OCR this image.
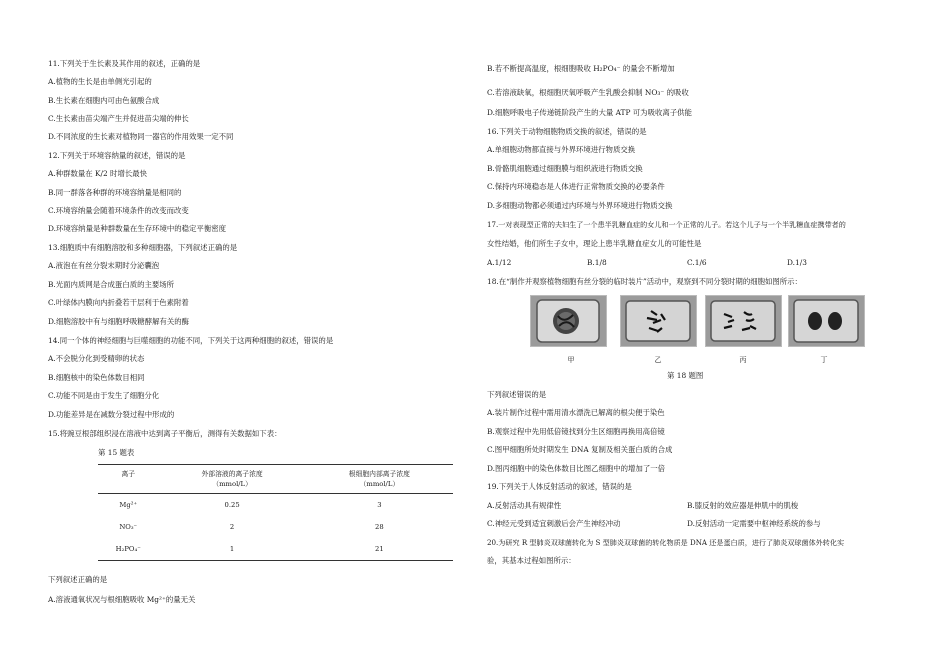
11.下列关于生长素及其作用的叙述，正确的是
A.植物的生长是由单侧光引起的
B.生长素在细胞内可由色氨酸合成
C.生长素由苗尖端产生并促进苗尖端的伸长
D.不同浓度的生长素对植物同一器官的作用效果一定不同
12.下列关于环境容纳量的叙述，错误的是
A.种群数量在 K/2 时增长最快
B.同一群落各种群的环境容纳量是相同的
C.环境容纳量会随着环境条件的改变而改变
D.环境容纳量是种群数量在生存环境中的稳定平衡密度
13.细胞质中有细胞溶胶和多种细胞器，下列叙述正确的是
A.液泡在有丝分裂末期时分泌囊泡
B.光面内质网是合成蛋白质的主要场所
C.叶绿体内膜向内折叠若干层利于色素附着
D.细胞溶胶中有与细胞呼吸糖酵解有关的酶
14.同一个体的神经细胞与巨噬细胞的功能不同，下列关于这两种细胞的叙述，错误的是
A.不会脱分化到受精卵的状态
B.细胞核中的染色体数目相同
C.功能不同是由于发生了细胞分化
D.功能差异是在减数分裂过程中形成的
15.将豌豆根部组织浸在溶液中达到离子平衡后，测得有关数据如下表：
第 15 题表
离子	外部溶液的离子浓度	根细胞内部离子浓度
	（mmol/L）	（mmol/L）
Mg²⁺	0.25	3
NO₃⁻	2	28
H₂PO₄⁻	1	21
下列叙述正确的是
A.溶液通氧状况与根细胞吸收 Mg²⁺的量无关
B.若不断提高温度，根细胞吸收 H₂PO₄⁻ 的量会不断增加
C.若溶液缺氧，根细胞厌氧呼吸产生乳酸会抑制 NO₃⁻ 的吸收
D.细胞呼吸电子传递链阶段产生的大量 ATP 可为吸收离子供能
16.下列关于动物细胞物质交换的叙述，错误的是
A.单细胞动物都直接与外界环境进行物质交换
B.骨骼肌细胞通过细胞膜与组织液进行物质交换
C.保持内环境稳态是人体进行正常物质交换的必要条件
D.多细胞动物都必须通过内环境与外界环境进行物质交换
17.一对表现型正常的夫妇生了一个患半乳糖血症的女儿和一个正常的儿子。若这个儿子与一个半乳糖血症携带者的
女性结婚，他们所生子女中，理论上患半乳糖血症女儿的可能性是
A.1/12	B.1/8	C.1/6	D.1/3
18.在“制作并观察植物细胞有丝分裂的临时装片”活动中，观察到不同分裂时期的细胞如图所示：
甲	乙	丙	丁
第 18 题图
下列叙述错误的是
A.装片制作过程中需用清水漂洗已解离的根尖便于染色
B.观察过程中先用低倍镜找到分生区细胞再换用高倍镜
C.图甲细胞所处时期发生 DNA 复制及相关蛋白质的合成
D.图丙细胞中的染色体数目比图乙细胞中的增加了一倍
19.下列关于人体反射活动的叙述，错误的是
A.反射活动具有规律性	B.膝反射的效应器是伸肌中的肌梭
C.神经元受到适宜刺激后会产生神经冲动	D.反射活动一定需要中枢神经系统的参与
20.为研究 R 型肺炎双球菌转化为 S 型肺炎双球菌的转化物质是 DNA 还是蛋白质，进行了肺炎双球菌体外转化实
验，其基本过程如图所示：
